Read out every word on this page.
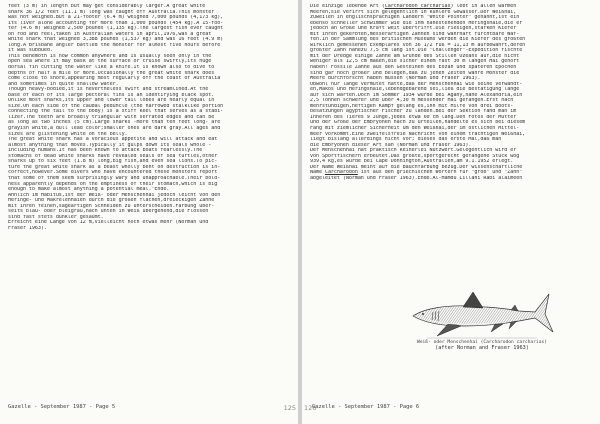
feet (3 m) in length but may get considerably larger.A great white
shark 36 1/2 feet (11.1 m) long was caught off Australia.This monster
was not weighed.But a 21-footer (6.4 m) weighed 7,000 pounds (4,173 kg),
its liver alone accounting for more than 1,000 pounds (454 kg).A 15-foo-
ter (4.6 m) weighed 2,500 pounds (1,135 kg).The largest fish ever caught
on rod and reel,taken in Australian waters in april,1976,was a great
white shark that weighed 3,388 pounds (1,537 kg) and was 16 feet (4.9 m)
long.A Brisbane angler battled the monster for almost five hours before
it was subdued.
This behemoth is now common anywhere and is usually seen only in the
open sea where it may bask at the surface or cruise swiftly,its huge
dorsal fin cutting the water like a knife.It is known also to dive to
depths of half a mile or more.Occasionally the great white shark does
come close to shore,appearing most regularly off the coast of Australia
and sometimes in quite shallow water.
Though heavy-bodied,it is nevertheless swift and streamlined.At the
base of each of its large pectoral fins is an identifying black spot.
Unlike most sharks,its upper and lower tail lobes are nearly equal in
size.On each side of the caudal peduncle (the narrowed stalklike portion
connecting the tail to the body) is a stiff keel that serves as a stabi-
lizer.The teeth are broadly triangular with serrated edges and can be
as long as two inches (5 cm).Large sharks -more than ten feet long- are
grayish white,a dull lead color;smaller ones are dark gray.All ages and
sizes are glistening white on the belly.
The great white shark has a voracious appetite and will attack and eat
almost anything that moves.Typically it gulps down its seals whole -
including humans.It has been known to attack boats fearlessly.The
stomachs of dead white sharks have revealed seals of sea turtles,other
sharks up to six feet (1.8 m) long,big fish,and even sea lions.To pic-
ture the great white shark as a beast wholly bent on destruction is in-
correct,however.Some divers who have encountered these monsters report
that some of them seem surprisingly wary and unapproachable.Their bold-
ness apparently depends on the emptiness of their stomach,which is big
enough to make almost anything a potential meal."Ende.
Ähnlich im Habitus,ist der Weiß- oder Menschenhai jedoch leicht von den
Heringe- und Makrelenhaien durch die großen flachen,dreieckigen Zähne
mit ihren feinen,sägeartigen Schneiden zu unterscheiden.Färbung über-
seits blau- oder bleigrau,nach unten in Weiß übergehend,die Flossen
sind fast stets dunkler gesäumt.
Erreicht eine Länge von 12 m,vielleicht noch etwas mehr (Norman und
Fraser 1963).
Gazelle - September 1987 - Page 5	125
Die einzige lebende Art (Carcharodon carcharias) lebt in allen warmen
Meeren,sie verirrt sich gelegentlich in kühlere Gewässer.Der Weißhai,
zuweilen in englischsprachigen Ländern "White Pointer" genannt,ist ein
ebenso schneller Schwimmer wie die ihm nahestehenden Heringshaie,die er
jedoch an Größe und Kraft weit übertrifft.Die riesigen,starken Kiefer
mit ihren gekerbten,messerartigen Zähnen sind wahrhaft furchtbare Waf-
fen.In der Sammlung des Britischen Museums werden die Kiefer des größten
wirklich gemessenen Exemplares von 36 1/2 Fuß = 11,13 m aufbewahrt,deren
größter Zahn nahezu 7,5 cm lang ist.Die "Challenger"-Expedition fischte
mit der Dredge einige Zähne am Grunde des Stillen Ozeans auf,die nicht
weniger als 12,5 cm maßen,die sicher einem fast 30 m langen Hai gehört
haben! Fossile Zähne aus den Gesteinen des Eozän und späteren Epochen
sind gar noch größer und belegen,daß zu jenen Zeiten wahre Monster die
Meere durchforscht haben müssen (Norman und Fraser 1963).
Obwohl nur lange vermutet hatte,daß der Menschenhai wie seine Verwandt-
en,Makos und Heringshaie,lebendgebärend sei,ließ die Bestätigung lange
auf sich warten.Doch im Sommer 1934 wurde bei Agany,nahe Alexandria,ein
2,5 Tonnen schwerer und über 4,30 m messender Hai gefangen.Erst nach
mehrstündigen,heftigen Kampf gelang es,ihn mit Hilfe von drei Boots-
besatzungen ägyptischer Fischer zu landen.Bei der Sektion fand man im
Inneren des Tieres 9 Junge,jedes etwa 60 cm lang.Den Fotos der Mutter
und der Größe der Embryonen nach zu urteilen,handelte es sich bei diesem
Fang mit ziemlicher Sicherheit um den Weißhai,der im östlichen Mittel-
meer vorkommt.Eine zweifelsfreie Nachricht von einem trächtigen Weißhai,
liegt bislang allerdings nicht vor; dieses das erste Mal,daß man
die Embryonen dieser Art sah (Norman und Fraser 1963).
Der Menschenhai hat praktisch keinerlei Nutzwert.Gelegentlich wird er
von Sportfischern erbeutet.Das größte,sportgerecht gefangene Stück wog
939,4 kg,es wurde bei Cape Donnington,Australien,am 9.1.1952 erlegt.
Der Name Weißhai meint auf die Bauchfärbung bezug.Der wissenschaftliche
Name Carcharodon ist aus den griechischen Wörtern für "grob" und "Zahn"
abgeleitet (Norman und Fraser 1963).Ende.Al-Hamdu Lillahi Rabi alaimeen
Weiß- oder Menschenhai (Carcharodon carcharias)
(after Norman and Fraser 1963)
Gazelle - September 1987 - Page 6
126
